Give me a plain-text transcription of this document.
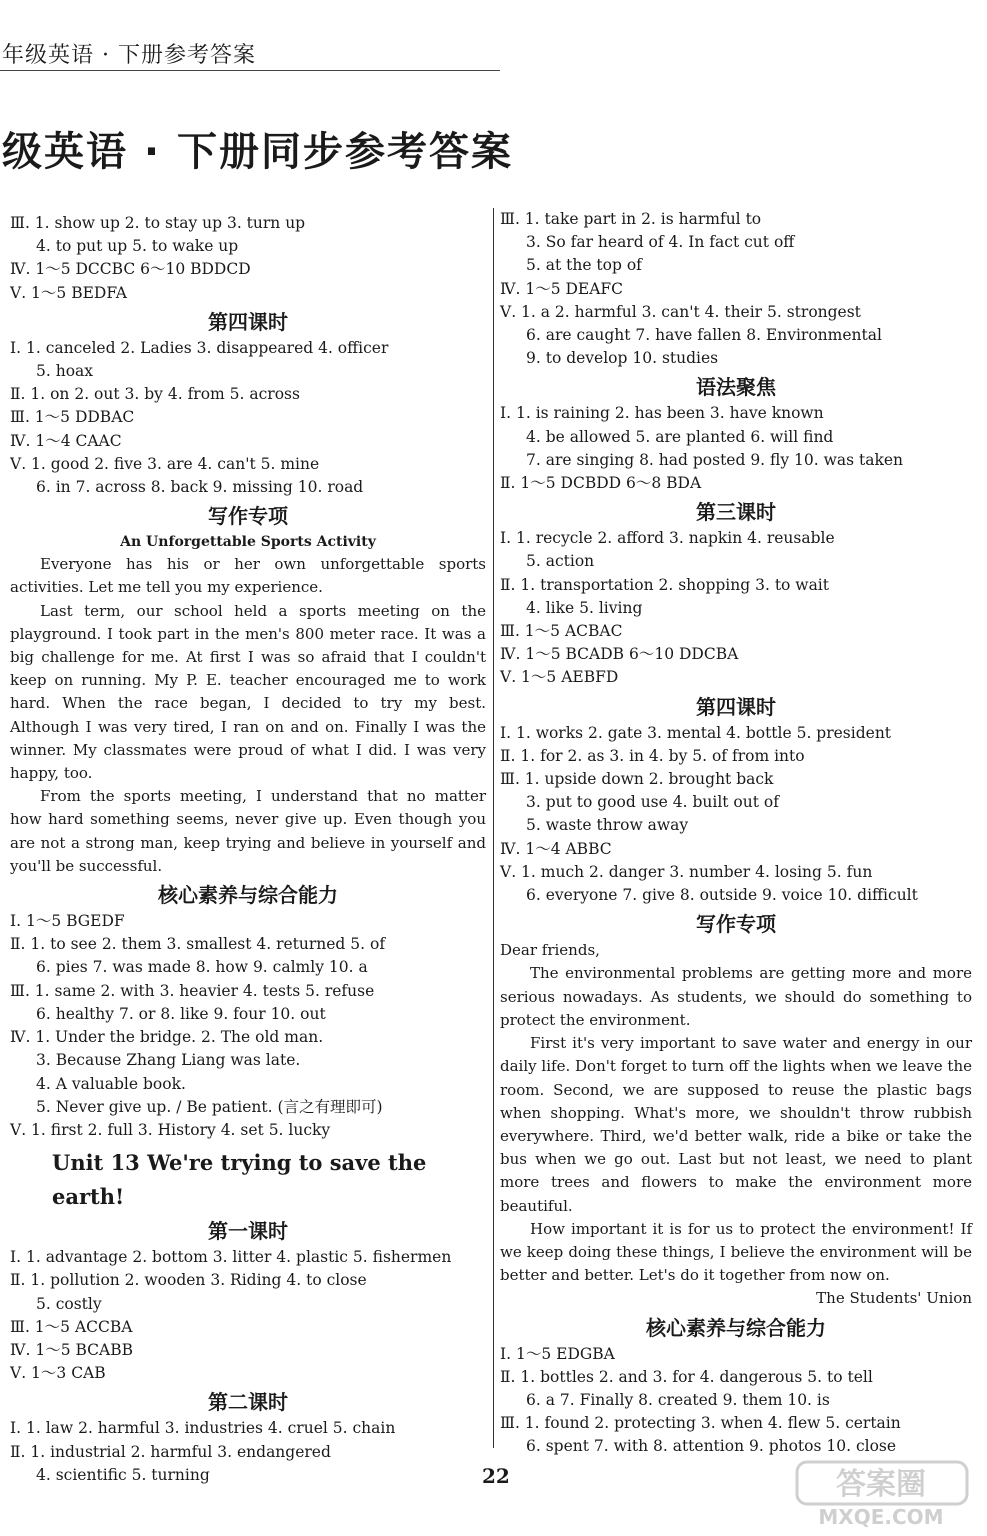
年级英语 · 下册参考答案
级英语 · 下册同步参考答案
Ⅲ. 1. show up 2. to stay up 3. turn up
4. to put up 5. to wake up
Ⅳ. 1～5 DCCBC 6～10 BDDCD
Ⅴ. 1～5 BEDFA
第四课时
Ⅰ. 1. canceled 2. Ladies 3. disappeared 4. officer
5. hoax
Ⅱ. 1. on 2. out 3. by 4. from 5. across
Ⅲ. 1～5 DDBAC
Ⅳ. 1～4 CAAC
Ⅴ. 1. good 2. five 3. are 4. can't 5. mine
6. in 7. across 8. back 9. missing 10. road
写作专项
An Unforgettable Sports Activity

Everyone has his or her own unforgettable sports activities. Let me tell you my experience.

Last term, our school held a sports meeting on the playground. I took part in the men's 800 meter race. It was a big challenge for me. At first I was so afraid that I couldn't keep on running. My P. E. teacher encouraged me to work hard. When the race began, I decided to try my best. Although I was very tired, I ran on and on. Finally I was the winner. My classmates were proud of what I did. I was very happy, too.

From the sports meeting, I understand that no matter how hard something seems, never give up. Even though you are not a strong man, keep trying and believe in yourself and you'll be successful.

核心素养与综合能力
Ⅰ. 1～5 BGEDF
Ⅱ. 1. to see 2. them 3. smallest 4. returned 5. of
6. pies 7. was made 8. how 9. calmly 10. a
Ⅲ. 1. same 2. with 3. heavier 4. tests 5. refuse
6. healthy 7. or 8. like 9. four 10. out
Ⅳ. 1. Under the bridge. 2. The old man.
3. Because Zhang Liang was late.
4. A valuable book.
5. Never give up. / Be patient. (言之有理即可)
Ⅴ. 1. first 2. full 3. History 4. set 5. lucky
Unit 13 We're trying to save the earth!
第一课时
Ⅰ. 1. advantage 2. bottom 3. litter 4. plastic 5. fishermen
Ⅱ. 1. pollution 2. wooden 3. Riding 4. to close
5. costly
Ⅲ. 1～5 ACCBA
Ⅳ. 1～5 BCABB
Ⅴ. 1～3 CAB
第二课时
Ⅰ. 1. law 2. harmful 3. industries 4. cruel 5. chain
Ⅱ. 1. industrial 2. harmful 3. endangered
4. scientific 5. turning
Ⅲ. 1. take part in 2. is harmful to
3. So far heard of 4. In fact cut off
5. at the top of
Ⅳ. 1～5 DEAFC
Ⅴ. 1. a 2. harmful 3. can't 4. their 5. strongest
6. are caught 7. have fallen 8. Environmental
9. to develop 10. studies
语法聚焦
Ⅰ. 1. is raining 2. has been 3. have known
4. be allowed 5. are planted 6. will find
7. are singing 8. had posted 9. fly 10. was taken
Ⅱ. 1～5 DCBDD 6～8 BDA
第三课时
Ⅰ. 1. recycle 2. afford 3. napkin 4. reusable
5. action
Ⅱ. 1. transportation 2. shopping 3. to wait
4. like 5. living
Ⅲ. 1～5 ACBAC
Ⅳ. 1～5 BCADB 6～10 DDCBA
Ⅴ. 1～5 AEBFD
第四课时
Ⅰ. 1. works 2. gate 3. mental 4. bottle 5. president
Ⅱ. 1. for 2. as 3. in 4. by 5. of from into
Ⅲ. 1. upside down 2. brought back
3. put to good use 4. built out of
5. waste throw away
Ⅳ. 1～4 ABBC
Ⅴ. 1. much 2. danger 3. number 4. losing 5. fun
6. everyone 7. give 8. outside 9. voice 10. difficult
写作专项

Dear friends,

The environmental problems are getting more and more serious nowadays. As students, we should do something to protect the environment.

First it's very important to save water and energy in our daily life. Don't forget to turn off the lights when we leave the room. Second, we are supposed to reuse the plastic bags when shopping. What's more, we shouldn't throw rubbish everywhere. Third, we'd better walk, ride a bike or take the bus when we go out. Last but not least, we need to plant more trees and flowers to make the environment more beautiful.

How important it is for us to protect the environment! If we keep doing these things, I believe the environment will be better and better. Let's do it together from now on.

The Students' Union
核心素养与综合能力
Ⅰ. 1～5 EDGBA
Ⅱ. 1. bottles 2. and 3. for 4. dangerous 5. to tell
6. a 7. Finally 8. created 9. them 10. is
Ⅲ. 1. found 2. protecting 3. when 4. flew 5. certain
6. spent 7. with 8. attention 9. photos 10. close
22	答案圈
MXQE.COM
